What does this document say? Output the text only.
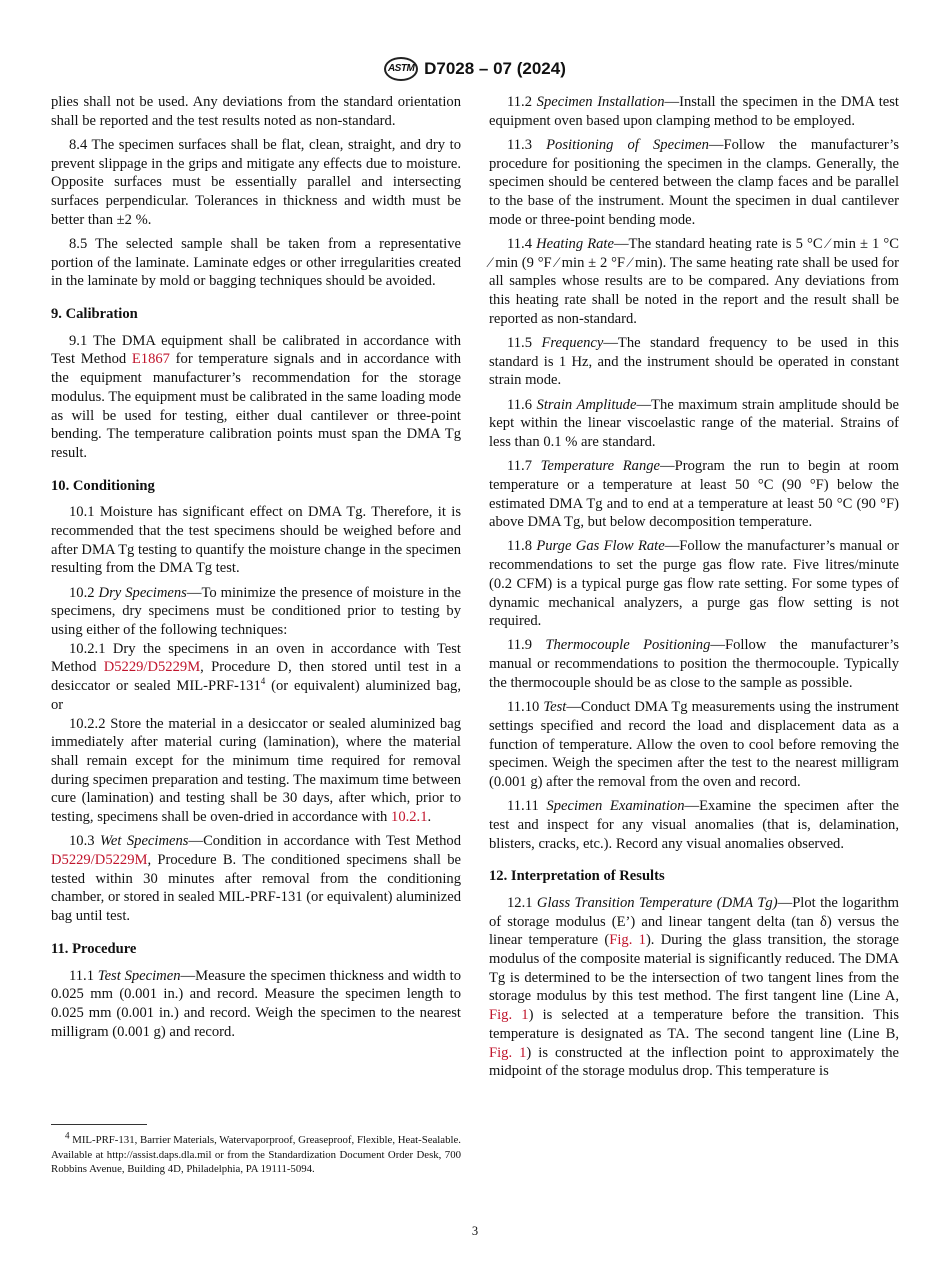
ASTM D7028 – 07 (2024)

plies shall not be used. Any deviations from the standard orientation shall be reported and the test results noted as non-standard.

8.4 The specimen surfaces shall be flat, clean, straight, and dry to prevent slippage in the grips and mitigate any effects due to moisture. Opposite surfaces must be essentially parallel and intersecting surfaces perpendicular. Tolerances in thickness and width must be better than ±2 %.

8.5 The selected sample shall be taken from a representative portion of the laminate. Laminate edges or other irregularities created in the laminate by mold or bagging techniques should be avoided.

9. Calibration

9.1 The DMA equipment shall be calibrated in accordance with Test Method E1867 for temperature signals and in accordance with the equipment manufacturer’s recommendation for the storage modulus. The equipment must be calibrated in the same loading mode as will be used for testing, either dual cantilever or three-point bending. The temperature calibration points must span the DMA Tg result.

10. Conditioning

10.1 Moisture has significant effect on DMA Tg. Therefore, it is recommended that the test specimens should be weighed before and after DMA Tg testing to quantify the moisture change in the specimen resulting from the DMA Tg test.

10.2 Dry Specimens—To minimize the presence of moisture in the specimens, dry specimens must be conditioned prior to testing by using either of the following techniques:

10.2.1 Dry the specimens in an oven in accordance with Test Method D5229/D5229M, Procedure D, then stored until test in a desiccator or sealed MIL-$PRF-131^4$ (or equivalent) aluminized bag, or

10.2.2 Store the material in a desiccator or sealed aluminized bag immediately after material curing (lamination), where the material shall remain except for the minimum time required for removal during specimen preparation and testing. The maximum time between cure (lamination) and testing shall be 30 days, after which, prior to testing, specimens shall be oven-dried in accordance with 10.2.1.

10.3 Wet Specimens—Condition in accordance with Test Method D5229/D5229M, Procedure B. The conditioned specimens shall be tested within 30 minutes after removal from the conditioning chamber, or stored in sealed MIL-PRF-131 (or equivalent) aluminized bag until test.

11. Procedure

11.1 Test Specimen—Measure the specimen thickness and width to 0.025 mm (0.001 in.) and record. Measure the specimen length to 0.025 mm (0.001 in.) and record. Weigh the specimen to the nearest milligram (0.001 g) and record.

$^4$ MIL-PRF-131, Barrier Materials, Watervaporproof, Greaseproof, Flexible, Heat-Sealable. Available at http://assist.daps.dla.mil or from the Standardization Document Order Desk, 700 Robbins Avenue, Building 4D, Philadelphia, PA 19111-5094.

11.2 Specimen Installation—Install the specimen in the DMA test equipment oven based upon clamping method to be employed.

11.3 Positioning of Specimen—Follow the manufacturer’s procedure for positioning the specimen in the clamps. Generally, the specimen should be centered between the clamp faces and be parallel to the base of the instrument. Mount the specimen in dual cantilever mode or three-point bending mode.

11.4 Heating Rate—The standard heating rate is 5 °C ⁄ min ± 1 °C ⁄ min (9 °F ⁄ min ± 2 °F ⁄ min). The same heating rate shall be used for all samples whose results are to be compared. Any deviations from this heating rate shall be noted in the report and the result shall be reported as non-standard.

11.5 Frequency—The standard frequency to be used in this standard is 1 Hz, and the instrument should be operated in constant strain mode.

11.6 Strain Amplitude—The maximum strain amplitude should be kept within the linear viscoelastic range of the material. Strains of less than 0.1 % are standard.

11.7 Temperature Range—Program the run to begin at room temperature or a temperature at least 50 °C (90 °F) below the estimated DMA Tg and to end at a temperature at least 50 °C (90 °F) above DMA Tg, but below decomposition temperature.

11.8 Purge Gas Flow Rate—Follow the manufacturer’s manual or recommendations to set the purge gas flow rate. Five litres/minute (0.2 CFM) is a typical purge gas flow rate setting. For some types of dynamic mechanical analyzers, a purge gas flow setting is not required.

11.9 Thermocouple Positioning—Follow the manufacturer’s manual or recommendations to position the thermocouple. Typically the thermocouple should be as close to the sample as possible.

11.10 Test—Conduct DMA Tg measurements using the instrument settings specified and record the load and displacement data as a function of temperature. Allow the oven to cool before removing the specimen. Weigh the specimen after the test to the nearest milligram (0.001 g) after the removal from the oven and record.

11.11 Specimen Examination—Examine the specimen after the test and inspect for any visual anomalies (that is, delamination, blisters, cracks, etc.). Record any visual anomalies observed.

12. Interpretation of Results

12.1 Glass Transition Temperature (DMA Tg)—Plot the logarithm of storage modulus (E’) and linear tangent delta (tan δ) versus the linear temperature (Fig. 1). During the glass transition, the storage modulus of the composite material is significantly reduced. The DMA Tg is determined to be the intersection of two tangent lines from the storage modulus by this test method. The first tangent line (Line A, Fig. 1) is selected at a temperature before the transition. This temperature is designated as TA. The second tangent line (Line B, Fig. 1) is constructed at the inflection point to approximately the midpoint of the storage modulus drop. This temperature is

3
